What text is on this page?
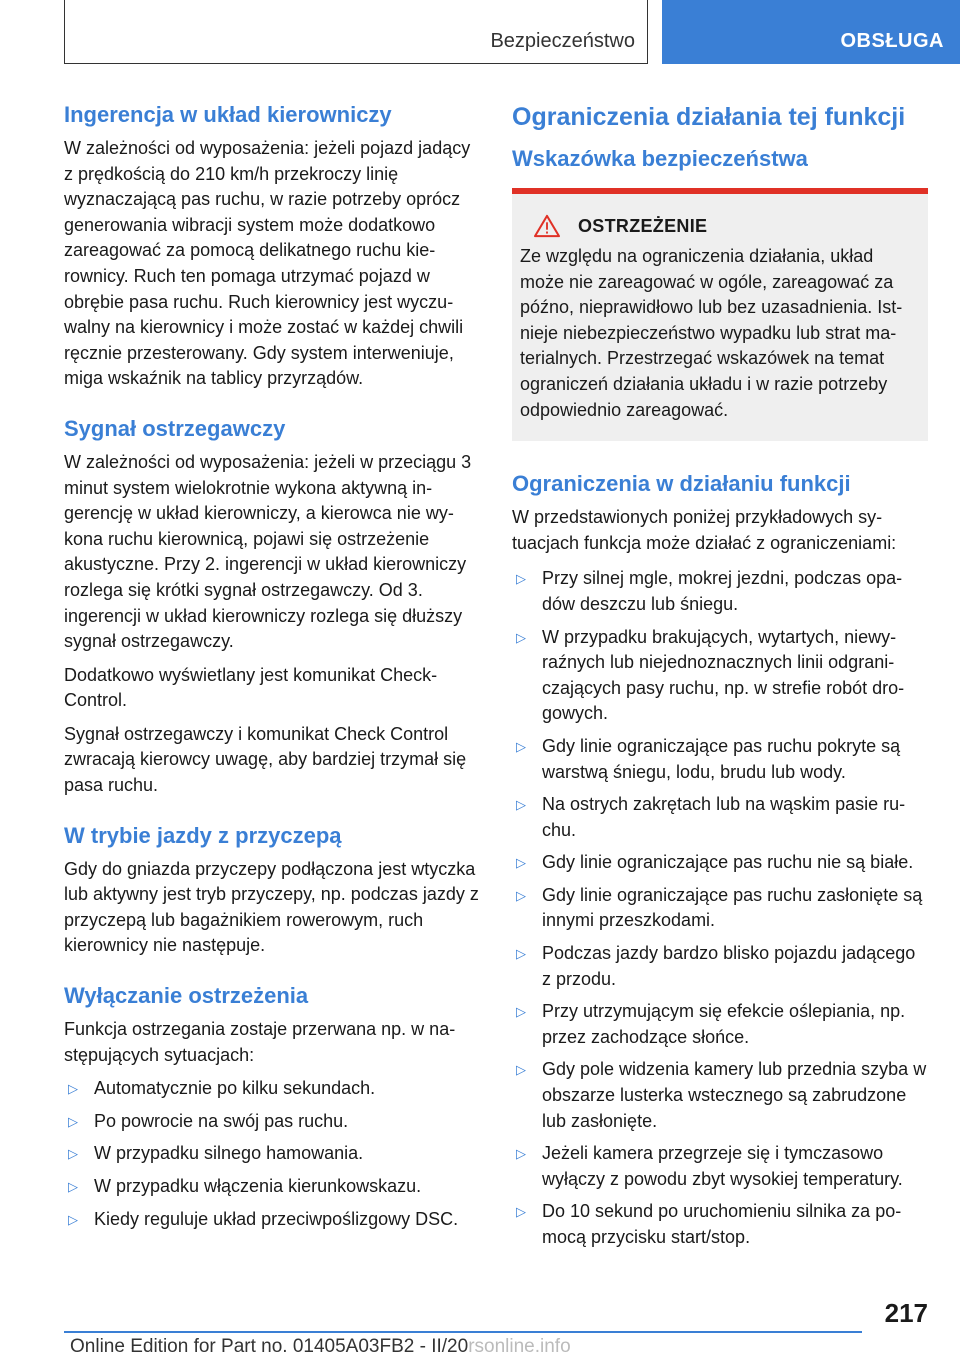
Bezpieczeństwo	OBSŁUGA
Ingerencja w układ kierowniczy

W zależności od wyposażenia: jeżeli pojazd jadący z prędkością do 210 km/h przekroczy linię wyznaczającą pas ruchu, w razie potrzeby oprócz generowania wibracji system może dodatkowo zareagować za pomocą delikatnego ruchu kierownicy. Ruch ten pomaga utrzymać pojazd w obrębie pasa ruchu. Ruch kierownicy jest wyczuwalny na kierownicy i może zostać w każdej chwili ręcznie przesterowany. Gdy system interweniuje, miga wskaźnik na tablicy przyrządów.

Sygnał ostrzegawczy

W zależności od wyposażenia: jeżeli w przeciągu 3 minut system wielokrotnie wykona aktywną ingerencję w układ kierowniczy, a kierowca nie wykona ruchu kierownicą, pojawi się ostrzeżenie akustyczne. Przy 2. ingerencji w układ kierowniczy rozlega się krótki sygnał ostrzegawczy. Od 3. ingerencji w układ kierowniczy rozlega się dłuższy sygnał ostrzegawczy.

Dodatkowo wyświetlany jest komunikat Check-Control.

Sygnał ostrzegawczy i komunikat Check Control zwracają kierowcy uwagę, aby bardziej trzymał się pasa ruchu.

W trybie jazdy z przyczepą

Gdy do gniazda przyczepy podłączona jest wtyczka lub aktywny jest tryb przyczepy, np. podczas jazdy z przyczepą lub bagażnikiem rowerowym, ruch kierownicy nie następuje.

Wyłączanie ostrzeżenia

Funkcja ostrzegania zostaje przerwana np. w następujących sytuacjach:

▷ Automatycznie po kilku sekundach.
▷ Po powrocie na swój pas ruchu.
▷ W przypadku silnego hamowania.
▷ W przypadku włączenia kierunkowskazu.
▷ Kiedy reguluje układ przeciwpoślizgowy DSC.
Ograniczenia działania tej funkcji
Wskazówka bezpieczeństwa
OSTRZEŻENIE

Ze względu na ograniczenia działania, układ może nie zareagować w ogóle, zareagować za późno, nieprawidłowo lub bez uzasadnienia. Istnieje niebezpieczeństwo wypadku lub strat materialnych. Przestrzegać wskazówek na temat ograniczeń działania układu i w razie potrzeby odpowiednio zareagować.

Ograniczenia w działaniu funkcji

W przedstawionych poniżej przykładowych sytuacjach funkcja może działać z ograniczeniami:

▷ Przy silnej mgle, mokrej jezdni, podczas opadów deszczu lub śniegu.
▷ W przypadku brakujących, wytartych, niewyraźnych lub niejednoznacznych linii odgraniczających pasy ruchu, np. w strefie robót drogowych.
▷ Gdy linie ograniczające pas ruchu pokryte są warstwą śniegu, lodu, brudu lub wody.
▷ Na ostrych zakrętach lub na wąskim pasie ruchu.
▷ Gdy linie ograniczające pas ruchu nie są białe.
▷ Gdy linie ograniczające pas ruchu zasłonięte są innymi przeszkodami.
▷ Podczas jazdy bardzo blisko pojazdu jadącego z przodu.
▷ Przy utrzymującym się efekcie oślepiania, np. przez zachodzące słońce.
▷ Gdy pole widzenia kamery lub przednia szyba w obszarze lusterka wstecznego są zabrudzone lub zasłonięte.
▷ Jeżeli kamera przegrzeje się i tymczasowo wyłączy z powodu zbyt wysokiej temperatury.
▷ Do 10 sekund po uruchomieniu silnika za pomocą przycisku start/stop.
217
Online Edition for Part no. 01405A03FB2 - II/20rsonline.info
